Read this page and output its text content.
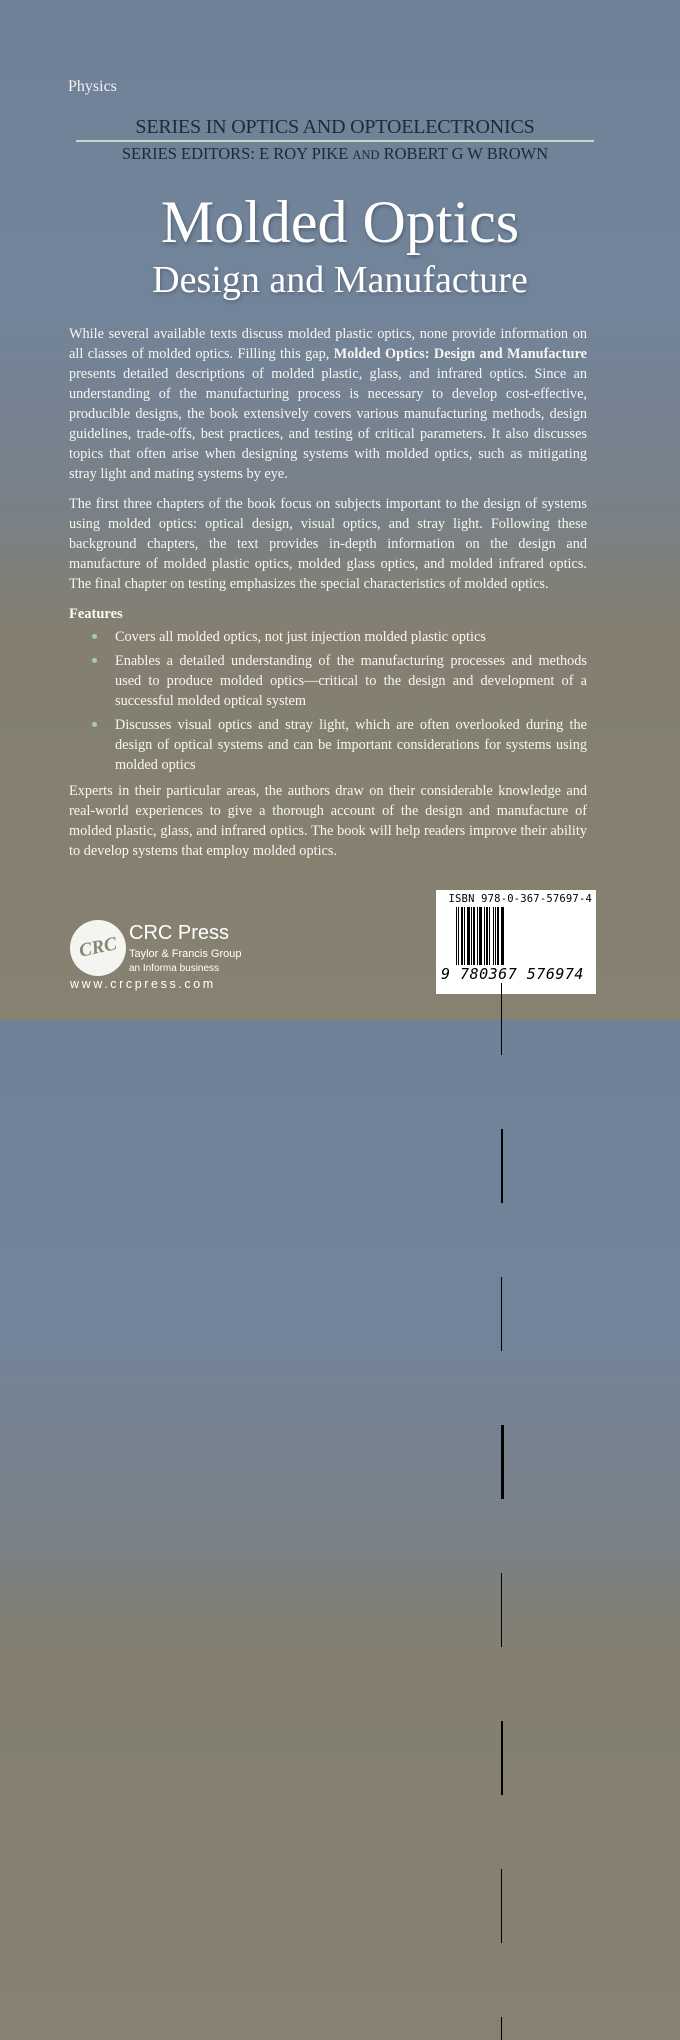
Physics
SERIES IN OPTICS AND OPTOELECTRONICS
SERIES EDITORS: E ROY PIKE AND ROBERT G W BROWN
Molded Optics
Design and Manufacture
While several available texts discuss molded plastic optics, none provide information on all classes of molded optics. Filling this gap, Molded Optics: Design and Manufacture presents detailed descriptions of molded plastic, glass, and infrared optics. Since an understanding of the manufacturing process is necessary to develop cost-effective, producible designs, the book extensively covers various manufacturing methods, design guidelines, trade-offs, best practices, and testing of critical parameters. It also discusses topics that often arise when designing systems with molded optics, such as mitigating stray light and mating systems by eye.
The first three chapters of the book focus on subjects important to the design of systems using molded optics: optical design, visual optics, and stray light. Following these background chapters, the text provides in-depth information on the design and manufacture of molded plastic optics, molded glass optics, and molded infrared optics. The final chapter on testing emphasizes the special characteristics of molded optics.
Features
Covers all molded optics, not just injection molded plastic optics
Enables a detailed understanding of the manufacturing processes and methods used to produce molded optics—critical to the design and development of a successful molded optical system
Discusses visual optics and stray light, which are often overlooked during the design of optical systems and can be important considerations for systems using molded optics
Experts in their particular areas, the authors draw on their considerable knowledge and real-world experiences to give a thorough account of the design and manufacture of molded plastic, glass, and infrared optics. The book will help readers improve their ability to develop systems that employ molded optics.
CRC
CRC Press
Taylor & Francis Group
an Informa business
www.crcpress.com
ISBN 978-0-367-57697-4
9 780367 576974
